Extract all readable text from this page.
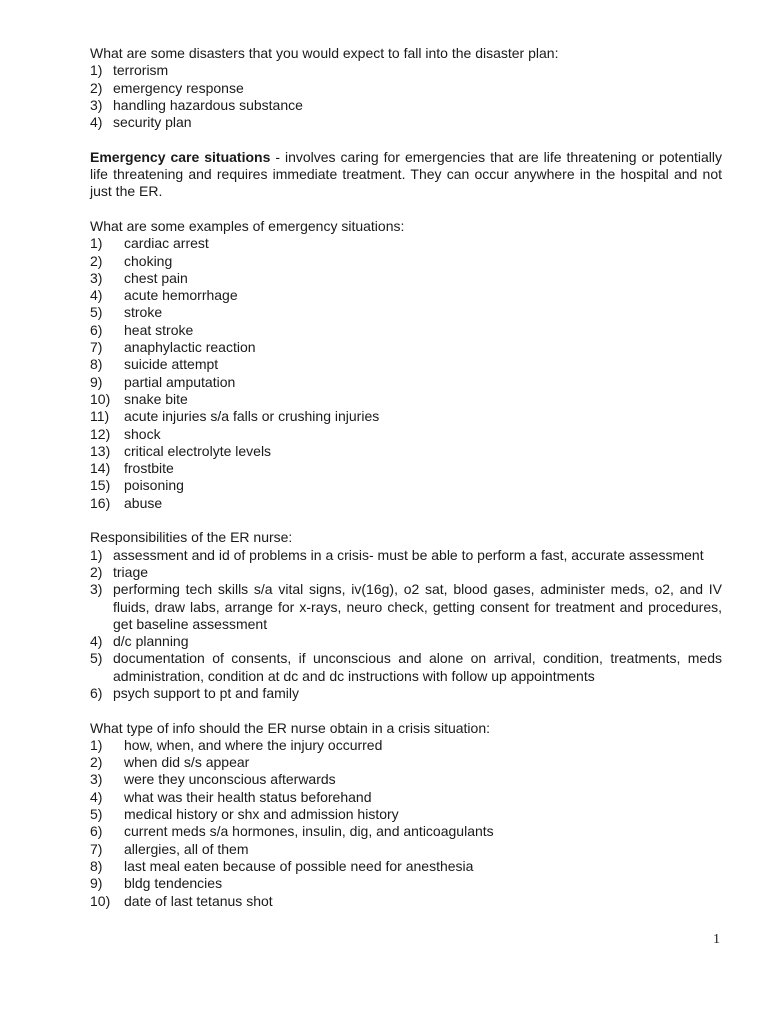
What are some disasters that you would expect to fall into the disaster plan:

1) terrorism
2) emergency response
3) handling hazardous substance
4) security plan

Emergency care situations - involves caring for emergencies that are life threatening or potentially life threatening and requires immediate treatment. They can occur anywhere in the hospital and not just the ER.

What are some examples of emergency situations:

1)	cardiac arrest
2)	choking
3)	chest pain
4)	acute hemorrhage
5)	stroke
6)	heat stroke
7)	anaphylactic reaction
8)	suicide attempt
9)	partial amputation
10) snake bite
11)	acute injuries s/a falls or crushing injuries
12) shock
13) critical electrolyte levels
14) frostbite
15) poisoning
16) abuse

Responsibilities of the ER nurse:

1) assessment and id of problems in a crisis- must be able to perform a fast, accurate assessment
2) triage
3) performing tech skills s/a vital signs, iv(16g), o2 sat, blood gases, administer meds, o2, and IV fluids, draw labs, arrange for x-rays, neuro check, getting consent for treatment and procedures, get baseline assessment
4) d/c planning
5) documentation of consents, if unconscious and alone on arrival, condition, treatments, meds administration, condition at dc and dc instructions with follow up appointments
6) psych support to pt and family

What type of info should the ER nurse obtain in a crisis situation:

1)	how, when, and where the injury occurred
2)	when did s/s appear
3)	were they unconscious afterwards
4)	what was their health status beforehand
5)	medical history or shx and admission history
6)	current meds s/a hormones, insulin, dig, and anticoagulants
7)	allergies, all of them
8)	last meal eaten because of possible need for anesthesia
9)	bldg tendencies
10) date of last tetanus shot
1
